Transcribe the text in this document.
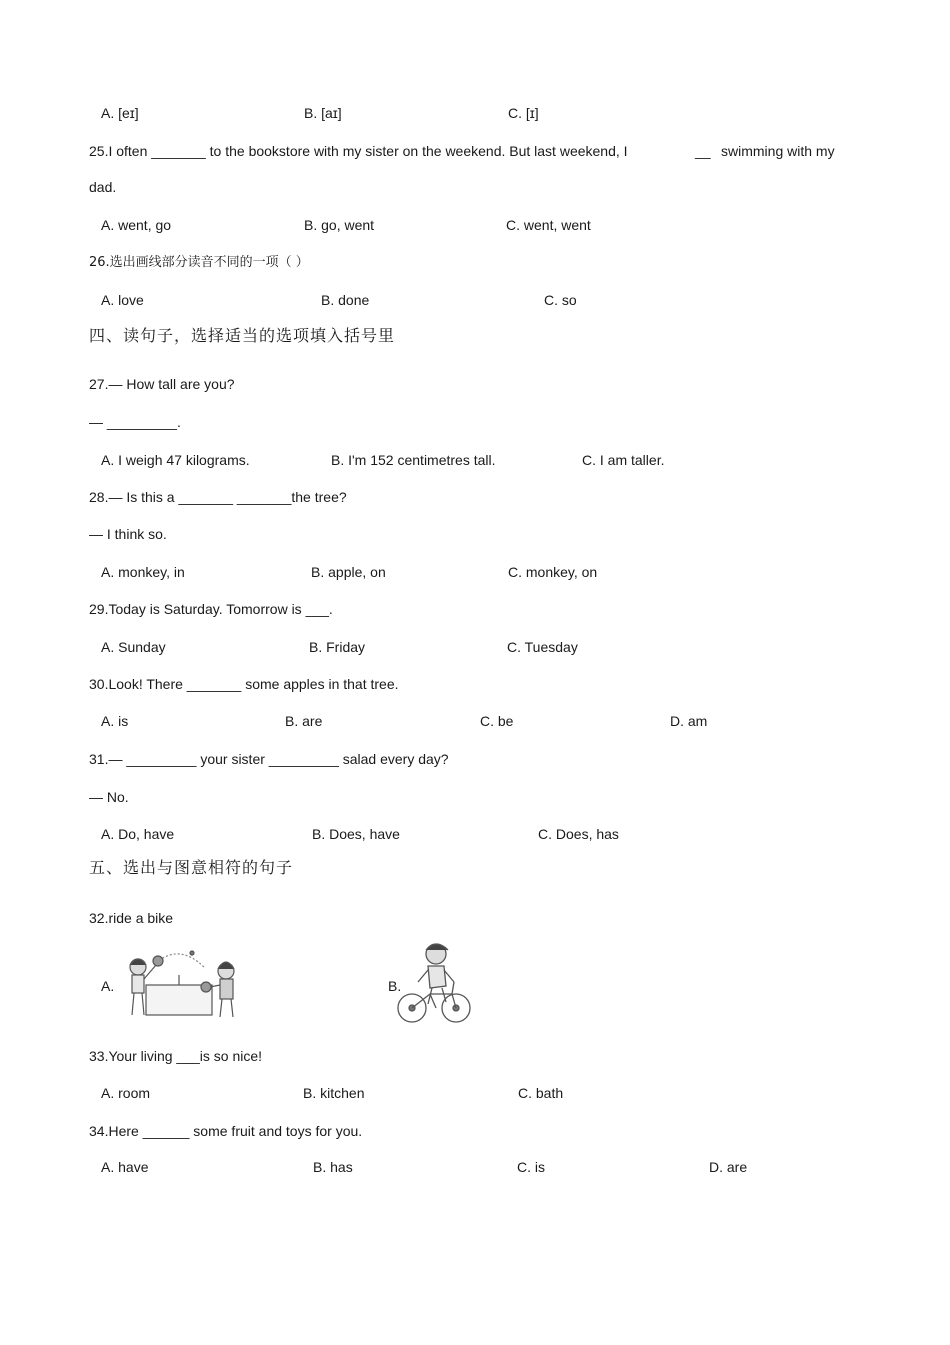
A. [eɪ]	B. [aɪ]	C. [ɪ]
25.I often _______ to the bookstore with my sister on the weekend. But last weekend, I	__ swimming with my
dad.
A. went, go	B. go, went	C. went, went
26.选出画线部分读音不同的一项（ ）
A. love	B. done	C. so
四、读句子，选择适当的选项填入括号里
27.— How tall are you?
— _________.
A. I weigh 47 kilograms.	B. I'm 152 centimetres tall.	C. I am taller.
28.— Is this a _______ _______the tree?
— I think so.
A. monkey, in	B. apple, on	C. monkey, on
29.Today is Saturday. Tomorrow is ___.
A. Sunday	B. Friday	C. Tuesday
30.Look! There _______ some apples in that tree.
A. is	B. are	C. be	D. am
31.— _________ your sister _________ salad every day?
— No.
A. Do, have	B. Does, have	C. Does, has
五、选出与图意相符的句子
32.ride a bike
A.	B.
33.Your living ___is so nice!
A. room	B. kitchen	C. bath
34.Here ______ some fruit and toys for you.
A. have	B. has	C. is	D. are
